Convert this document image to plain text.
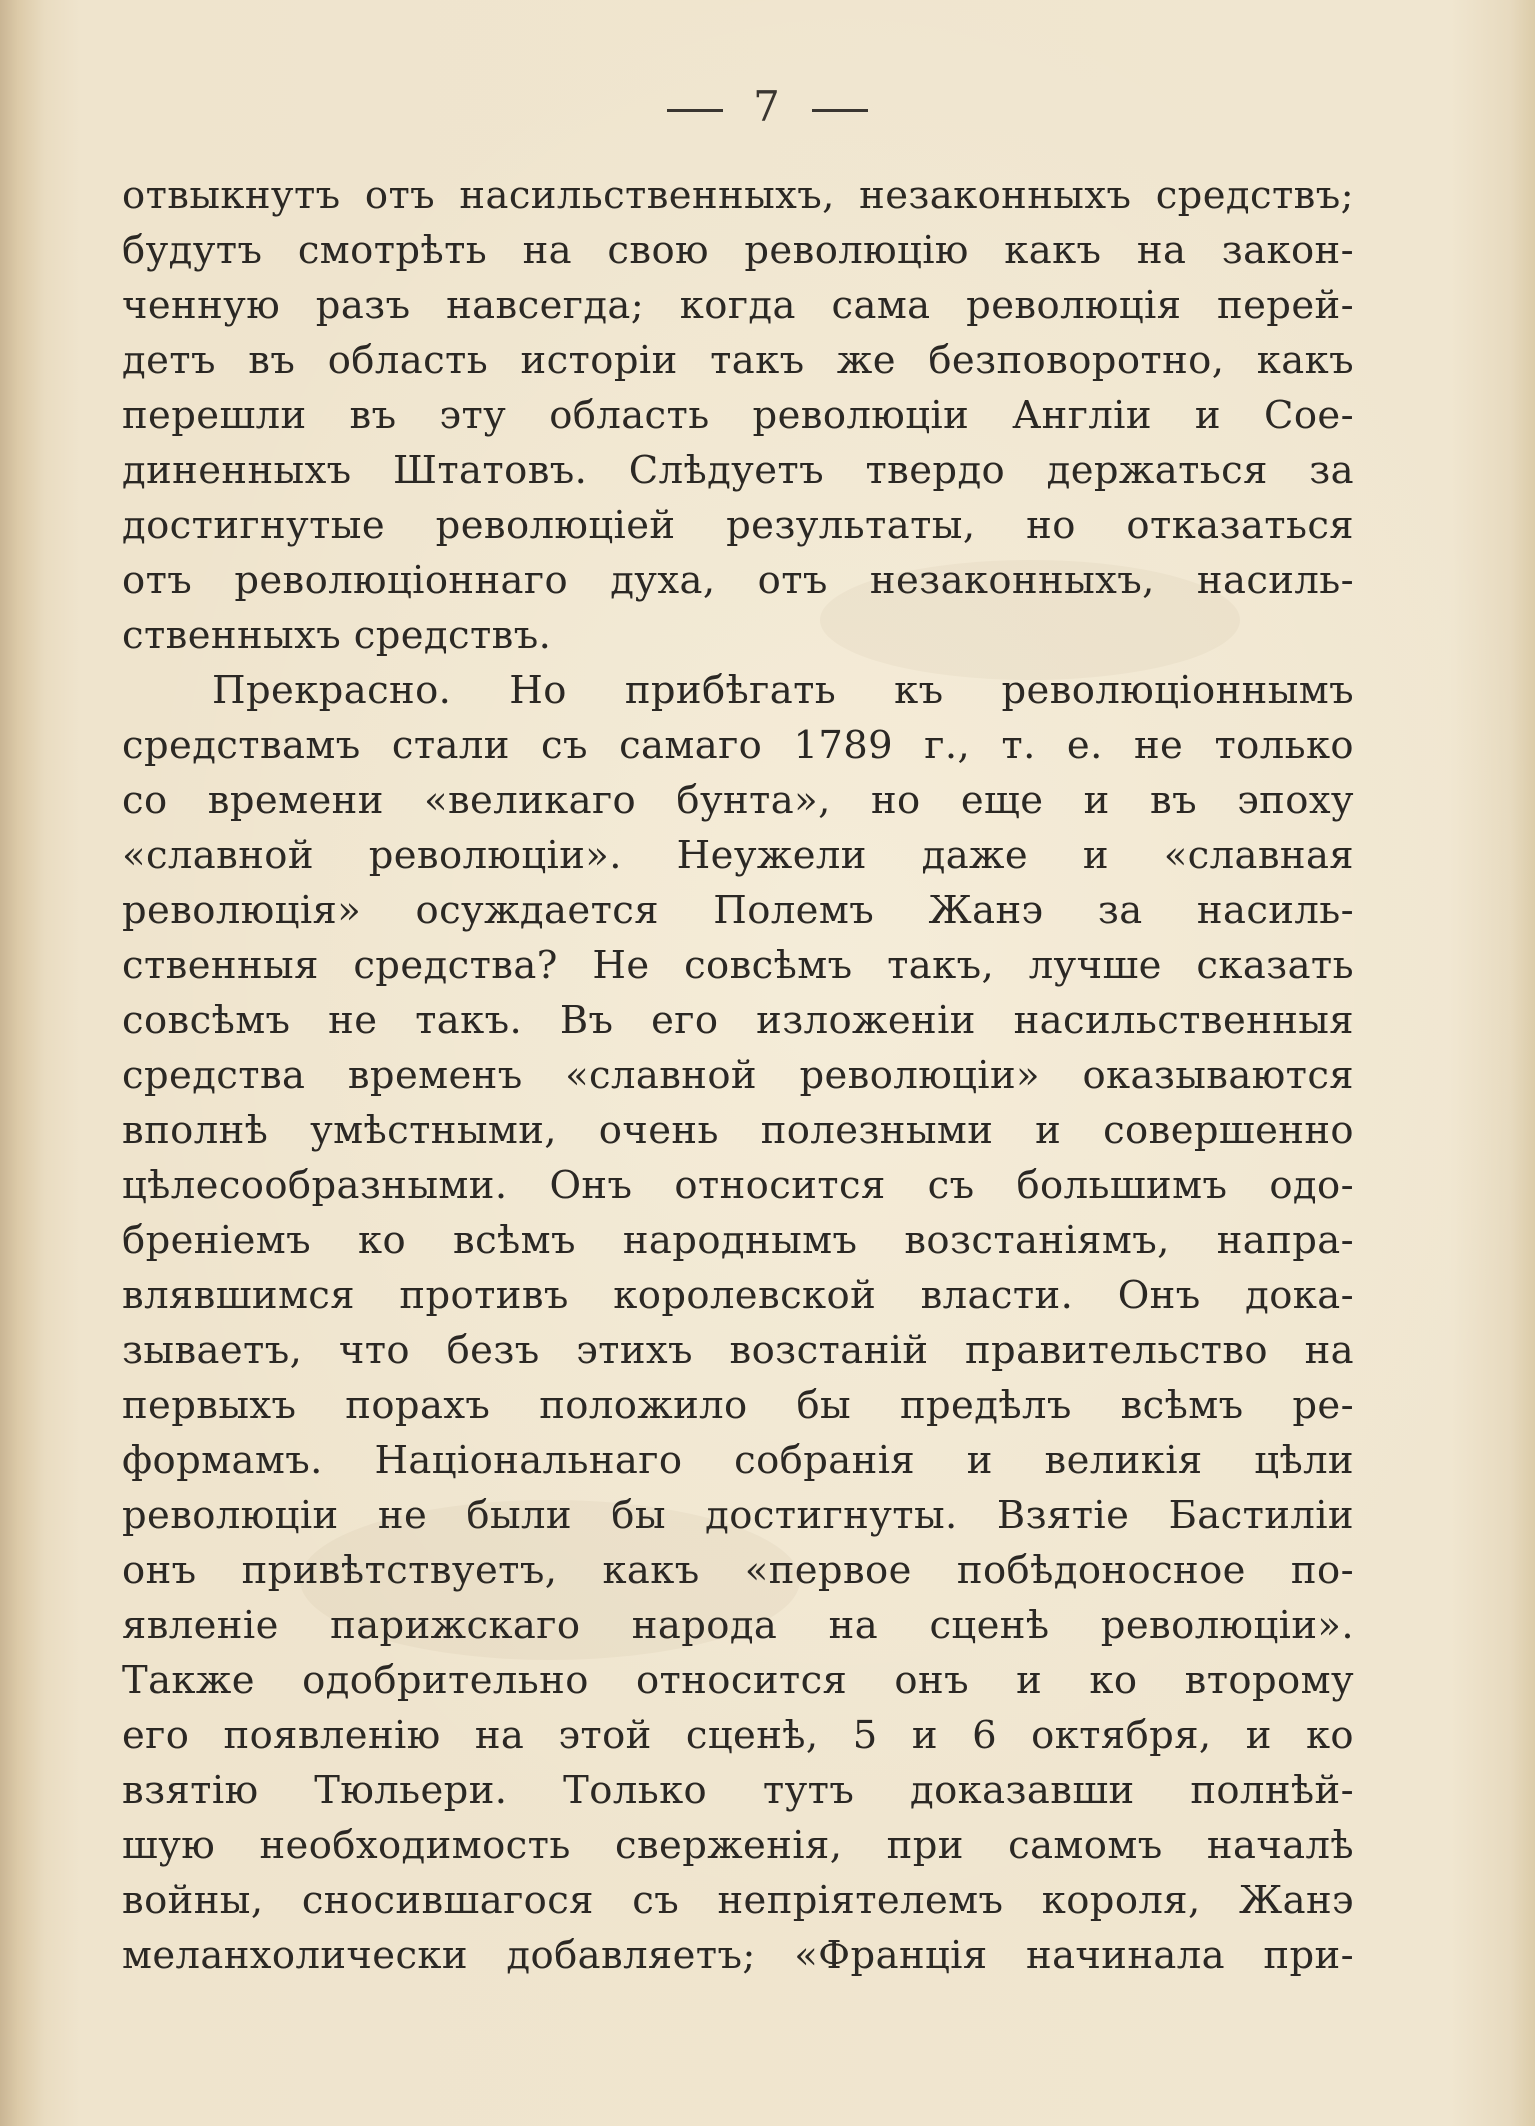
7
отвыкнутъ отъ насильственныхъ, незаконныхъ средствъ;
будутъ смотрѣть на свою революцію какъ на закон-
ченную разъ навсегда; когда сама революція перей-
детъ въ область исторіи такъ же безповоротно, какъ
перешли въ эту область революціи Англіи и Сое-
диненныхъ Штатовъ. Слѣдуетъ твердо держаться за
достигнутые революціей результаты, но отказаться
отъ революціоннаго духа, отъ незаконныхъ, насиль-
ственныхъ средствъ.
Прекрасно. Но прибѣгать къ революціоннымъ
средствамъ стали съ самаго 1789 г., т. е. не только
со времени «великаго бунта», но еще и въ эпоху
«славной революціи». Неужели даже и «славная
революція» осуждается Полемъ Жанэ за насиль-
ственныя средства? Не совсѣмъ такъ, лучше сказать
совсѣмъ не такъ. Въ его изложеніи насильственныя
средства временъ «славной революціи» оказываются
вполнѣ умѣстными, очень полезными и совершенно
цѣлесообразными. Онъ относится съ большимъ одо-
бреніемъ ко всѣмъ народнымъ возстаніямъ, напра-
влявшимся противъ королевской власти. Онъ дока-
зываетъ, что безъ этихъ возстаній правительство на
первыхъ порахъ положило бы предѣлъ всѣмъ ре-
формамъ. Національнаго собранія и великія цѣли
революціи не были бы достигнуты. Взятіе Бастиліи
онъ привѣтствуетъ, какъ «первое побѣдоносное по-
явленіе парижскаго народа на сценѣ революціи».
Также одобрительно относится онъ и ко второму
его появленію на этой сценѣ, 5 и 6 октября, и ко
взятію Тюльери. Только тутъ доказавши полнѣй-
шую необходимость сверженія, при самомъ началѣ
войны, сносившагося съ непріятелемъ короля, Жанэ
меланхолически добавляетъ; «Франція начинала при-
